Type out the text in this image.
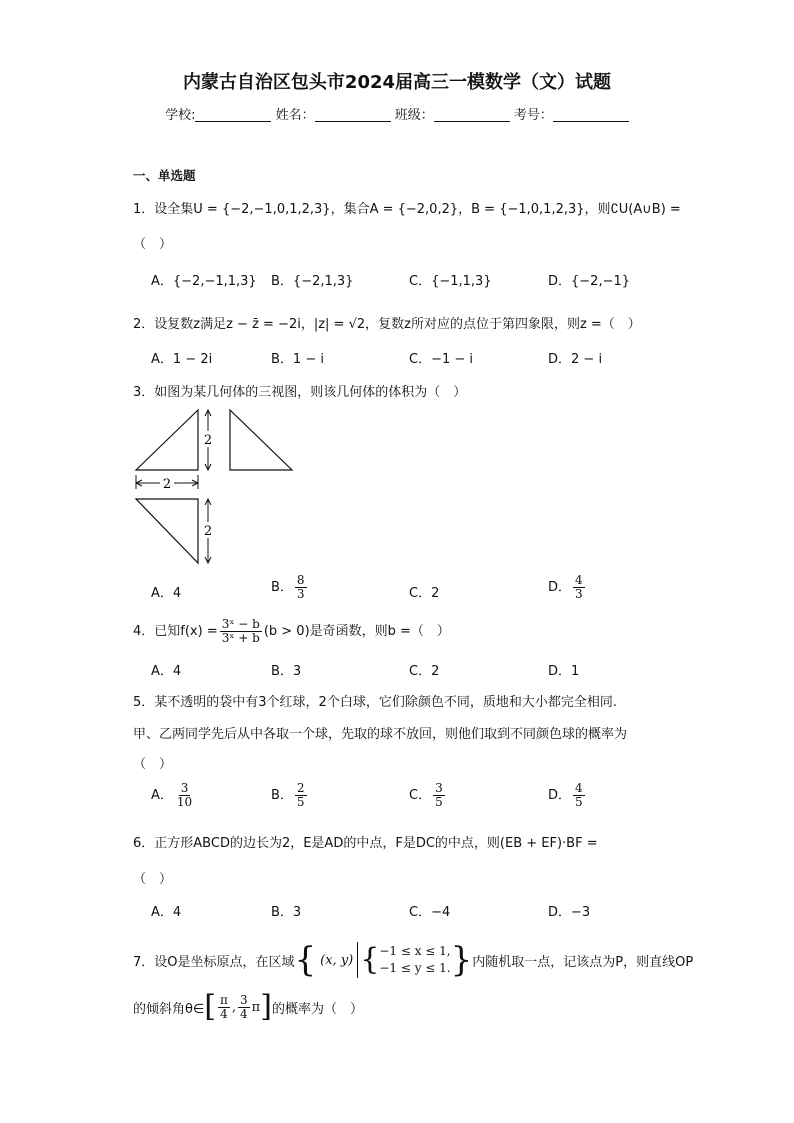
内蒙古自治区包头市2024届高三一模数学（文）试题
学校:	姓名：	班级：	考号：
一、单选题
1．设全集U = {−2,−1,0,1,2,3}，集合A = {−2,0,2}，B = {−1,0,1,2,3}，则∁U(A∪B) =
（　）
A．{−2,−1,1,3} B．{−2,1,3}	C．{−1,1,3}	D．{−2,−1}
2．设复数z满足z − z̄ = −2i，|z| = √2，复数z所对应的点位于第四象限，则z =（　）
A．1 − 2i	B．1 − i	C．−1 − i	D．2 − i
3．如图为某几何体的三视图，则该几何体的体积为（　）
2
2
2
A．4	B． $\frac{8}{3}$	C．2	D． $\frac{4}{3}$
4．已知$f(x) = \frac{\text{3ˣ − b}}{\text{3ˣ + b}} (b > 0)$是奇函数，则b =（　）
A．4	B．3	C．2	D．1
5．某不透明的袋中有3个红球，2个白球，它们除颜色不同，质地和大小都完全相同.
甲、乙两同学先后从中各取一个球，先取的球不放回，则他们取到不同颜色球的概率为
（　）
A． $\frac{3}{10}$	B． $\frac{2}{5}$	C． $\frac{3}{5}$	D． $\frac{4}{5}$
6．正方形ABCD的边长为2，E是AD的中点，F是DC的中点，则(EB + EF)·BF =
（　）
A．4	B．3	C．−4	D．−3
7． 设O是坐标原点，在区域 { (x, y) { −1 ≤ x ≤ 1,
−1 ≤ y ≤ 1. } 内随机取一点，记该点为P，则直线OP
的倾斜角θ∈ [ $\frac{\pi}{4}$ , $\frac{3}{4}$ π ] 的概率为（　）
